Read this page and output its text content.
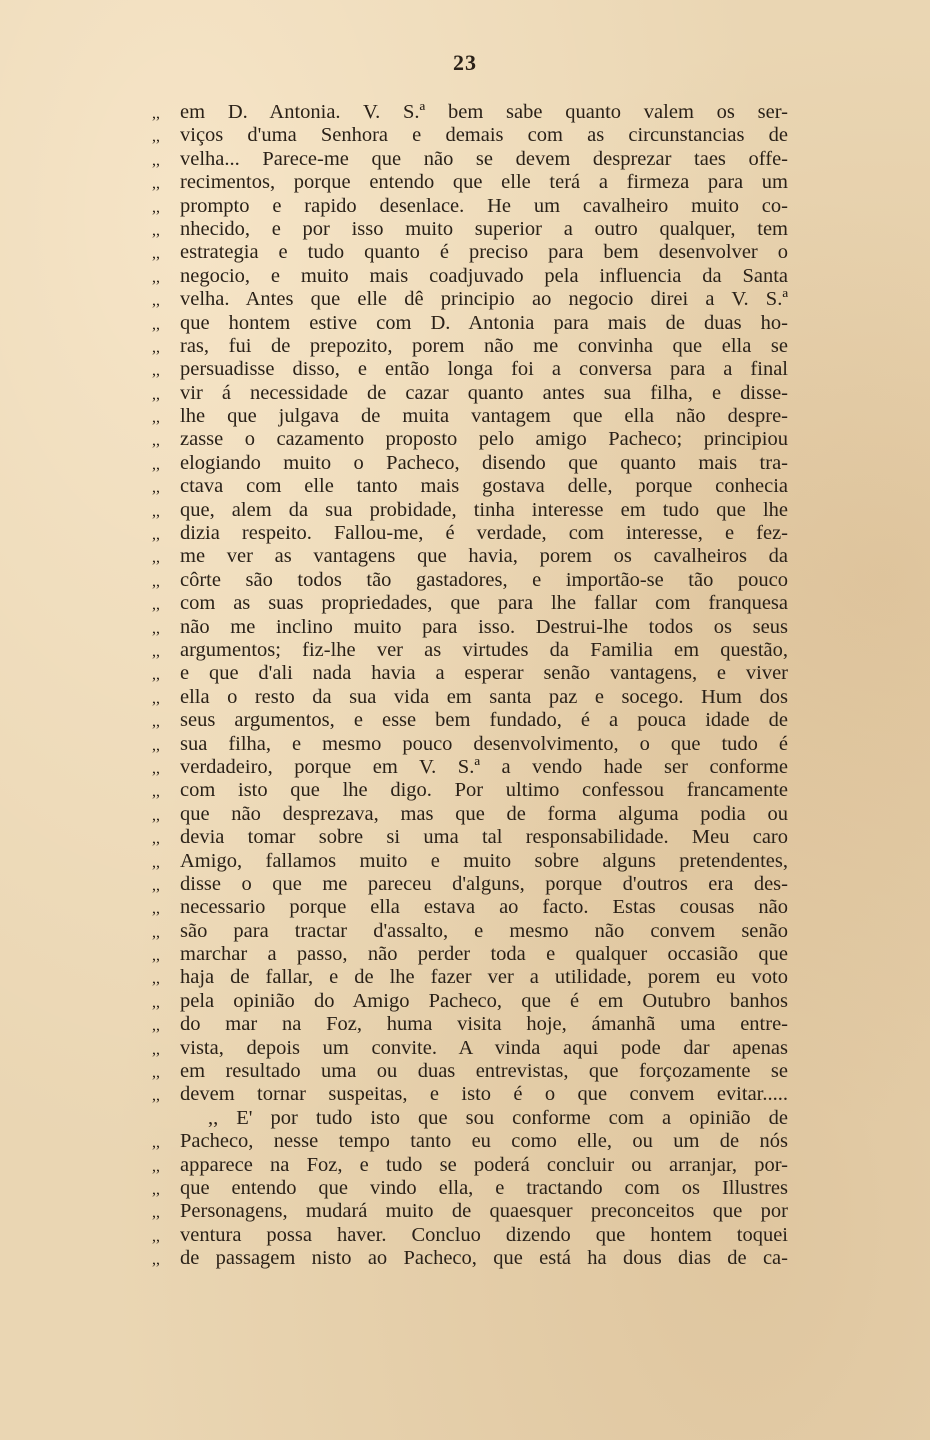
23
,, em D. Antonia. V. S.ª bem sabe quanto valem os ser-
,, viços d'uma Senhora e demais com as circunstancias de
,, velha... Parece-me que não se devem desprezar taes offe-
,, recimentos, porque entendo que elle terá a firmeza para um
,, prompto e rapido desenlace. He um cavalheiro muito co-
,, nhecido, e por isso muito superior a outro qualquer, tem
,, estrategia e tudo quanto é preciso para bem desenvolver o
,, negocio, e muito mais coadjuvado pela influencia da Santa
,, velha. Antes que elle dê principio ao negocio direi a V. S.ª
,, que hontem estive com D. Antonia para mais de duas ho-
,, ras, fui de prepozito, porem não me convinha que ella se
,, persuadisse disso, e então longa foi a conversa para a final
,, vir á necessidade de cazar quanto antes sua filha, e disse-
,, lhe que julgava de muita vantagem que ella não despre-
,, zasse o cazamento proposto pelo amigo Pacheco; principiou
,, elogiando muito o Pacheco, disendo que quanto mais tra-
,, ctava com elle tanto mais gostava delle, porque conhecia
,, que, alem da sua probidade, tinha interesse em tudo que lhe
,, dizia respeito. Fallou-me, é verdade, com interesse, e fez-
,, me ver as vantagens que havia, porem os cavalheiros da
,, côrte são todos tão gastadores, e importão-se tão pouco
,, com as suas propriedades, que para lhe fallar com franquesa
,, não me inclino muito para isso. Destrui-lhe todos os seus
,, argumentos; fiz-lhe ver as virtudes da Familia em questão,
,, e que d'ali nada havia a esperar senão vantagens, e viver
,, ella o resto da sua vida em santa paz e socego. Hum dos
,, seus argumentos, e esse bem fundado, é a pouca idade de
,, sua filha, e mesmo pouco desenvolvimento, o que tudo é
,, verdadeiro, porque em V. S.ª a vendo hade ser conforme
,, com isto que lhe digo. Por ultimo confessou francamente
,, que não desprezava, mas que de forma alguma podia ou
,, devia tomar sobre si uma tal responsabilidade. Meu caro
,, Amigo, fallamos muito e muito sobre alguns pretendentes,
,, disse o que me pareceu d'alguns, porque d'outros era des-
,, necessario porque ella estava ao facto. Estas cousas não
,, são para tractar d'assalto, e mesmo não convem senão
,, marchar a passo, não perder toda e qualquer occasião que
,, haja de fallar, e de lhe fazer ver a utilidade, porem eu voto
,, pela opinião do Amigo Pacheco, que é em Outubro banhos
,, do mar na Foz, huma visita hoje, ámanhã uma entre-
,, vista, depois um convite. A vinda aqui pode dar apenas
,, em resultado uma ou duas entrevistas, que forçozamente se
,, devem tornar suspeitas, e isto é o que convem evitar.....
,, E' por tudo isto que sou conforme com a opinião de
,, Pacheco, nesse tempo tanto eu como elle, ou um de nós
,, apparece na Foz, e tudo se poderá concluir ou arranjar, por-
,, que entendo que vindo ella, e tractando com os Illustres
,, Personagens, mudará muito de quaesquer preconceitos que por
,, ventura possa haver. Concluo dizendo que hontem toquei
,, de passagem nisto ao Pacheco, que está ha dous dias de ca-
